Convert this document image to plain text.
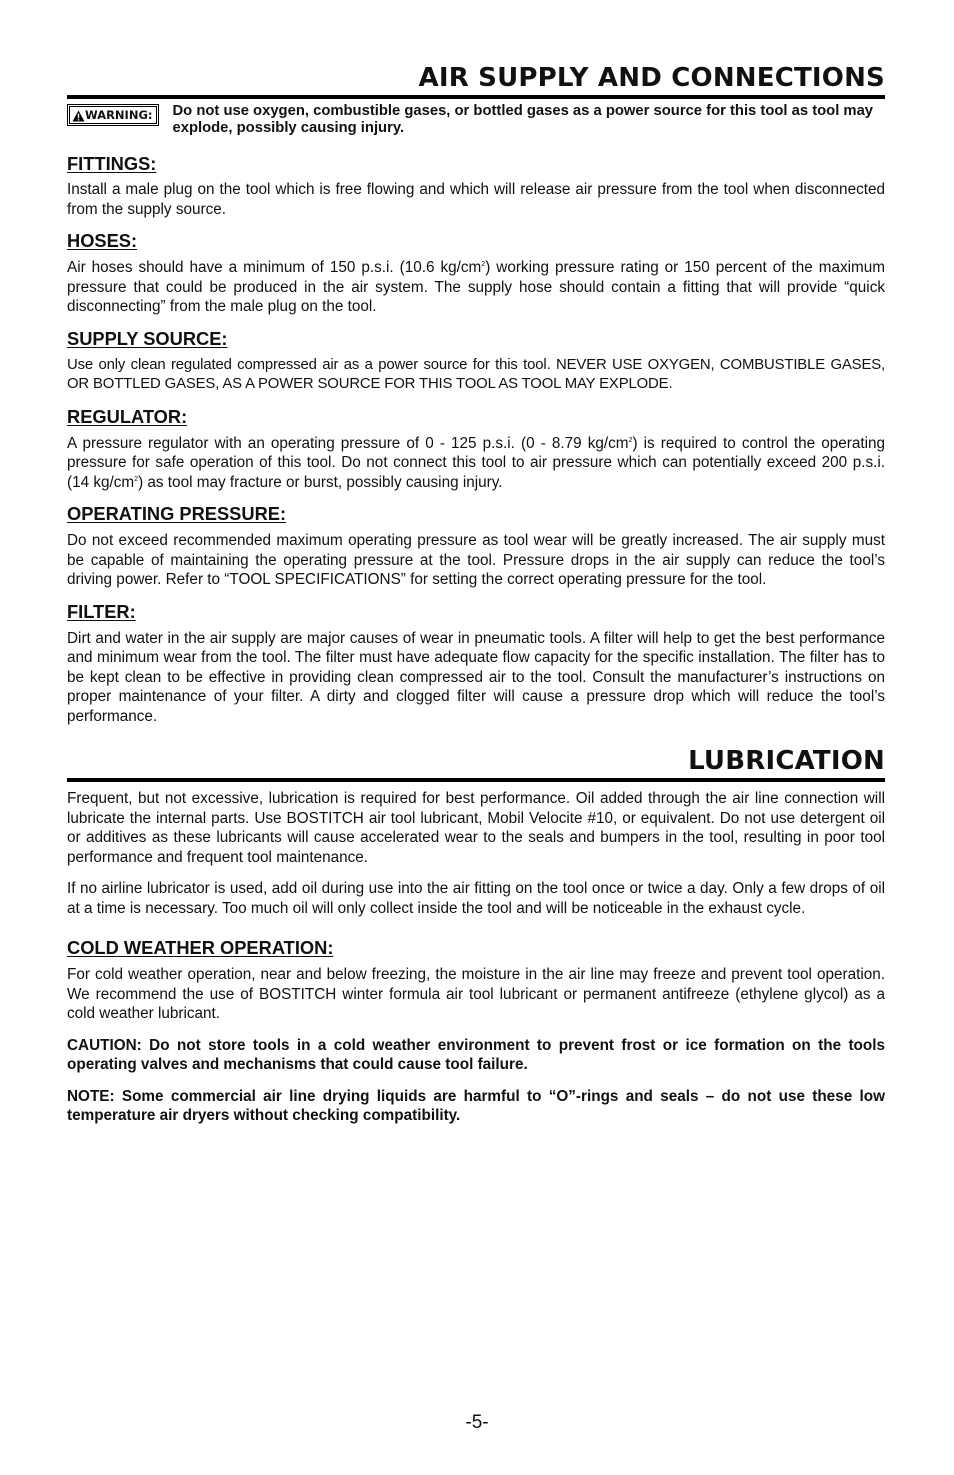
AIR SUPPLY AND CONNECTIONS
WARNING: Do not use oxygen, combustible gases, or bottled gases as a power source for this tool as tool may explode, possibly causing injury.

FITTINGS:

Install a male plug on the tool which is free flowing and which will release air pressure from the tool when disconnected from the supply source.

HOSES:

Air hoses should have a minimum of 150 p.s.i. (10.6 $kg/cm^2$) working pressure rating or 150 percent of the maximum pressure that could be produced in the air system. The supply hose should contain a fitting that will provide “quick disconnecting” from the male plug on the tool.

SUPPLY SOURCE:

Use only clean regulated compressed air as a power source for this tool. NEVER USE OXYGEN, COMBUSTIBLE GASES, OR BOTTLED GASES, AS A POWER SOURCE FOR THIS TOOL AS TOOL MAY EXPLODE.

REGULATOR:

A pressure regulator with an operating pressure of 0 - 125 p.s.i. (0 - 8.79 $kg/cm^2$) is required to control the operating pressure for safe operation of this tool. Do not connect this tool to air pressure which can potentially exceed 200 p.s.i. (14 $kg/cm^2$) as tool may fracture or burst, possibly causing injury.

OPERATING PRESSURE:

Do not exceed recommended maximum operating pressure as tool wear will be greatly increased. The air supply must be capable of maintaining the operating pressure at the tool. Pressure drops in the air supply can reduce the tool’s driving power. Refer to “TOOL SPECIFICATIONS” for setting the correct operating pressure for the tool.

FILTER:

Dirt and water in the air supply are major causes of wear in pneumatic tools. A filter will help to get the best performance and minimum wear from the tool. The filter must have adequate flow capacity for the specific installation. The filter has to be kept clean to be effective in providing clean compressed air to the tool. Consult the manufacturer’s instructions on proper maintenance of your filter. A dirty and clogged filter will cause a pressure drop which will reduce the tool’s performance.

LUBRICATION

Frequent, but not excessive, lubrication is required for best performance. Oil added through the air line connection will lubricate the internal parts. Use BOSTITCH air tool lubricant, Mobil Velocite #10, or equivalent. Do not use detergent oil or additives as these lubricants will cause accelerated wear to the seals and bumpers in the tool, resulting in poor tool performance and frequent tool maintenance.

If no airline lubricator is used, add oil during use into the air fitting on the tool once or twice a day. Only a few drops of oil at a time is necessary. Too much oil will only collect inside the tool and will be noticeable in the exhaust cycle.

COLD WEATHER OPERATION:

For cold weather operation, near and below freezing, the moisture in the air line may freeze and prevent tool operation. We recommend the use of BOSTITCH winter formula air tool lubricant or permanent antifreeze (ethylene glycol) as a cold weather lubricant.

CAUTION: Do not store tools in a cold weather environment to prevent frost or ice formation on the tools operating valves and mechanisms that could cause tool failure.

NOTE: Some commercial air line drying liquids are harmful to “O”-rings and seals – do not use these low temperature air dryers without checking compatibility.

-5-
